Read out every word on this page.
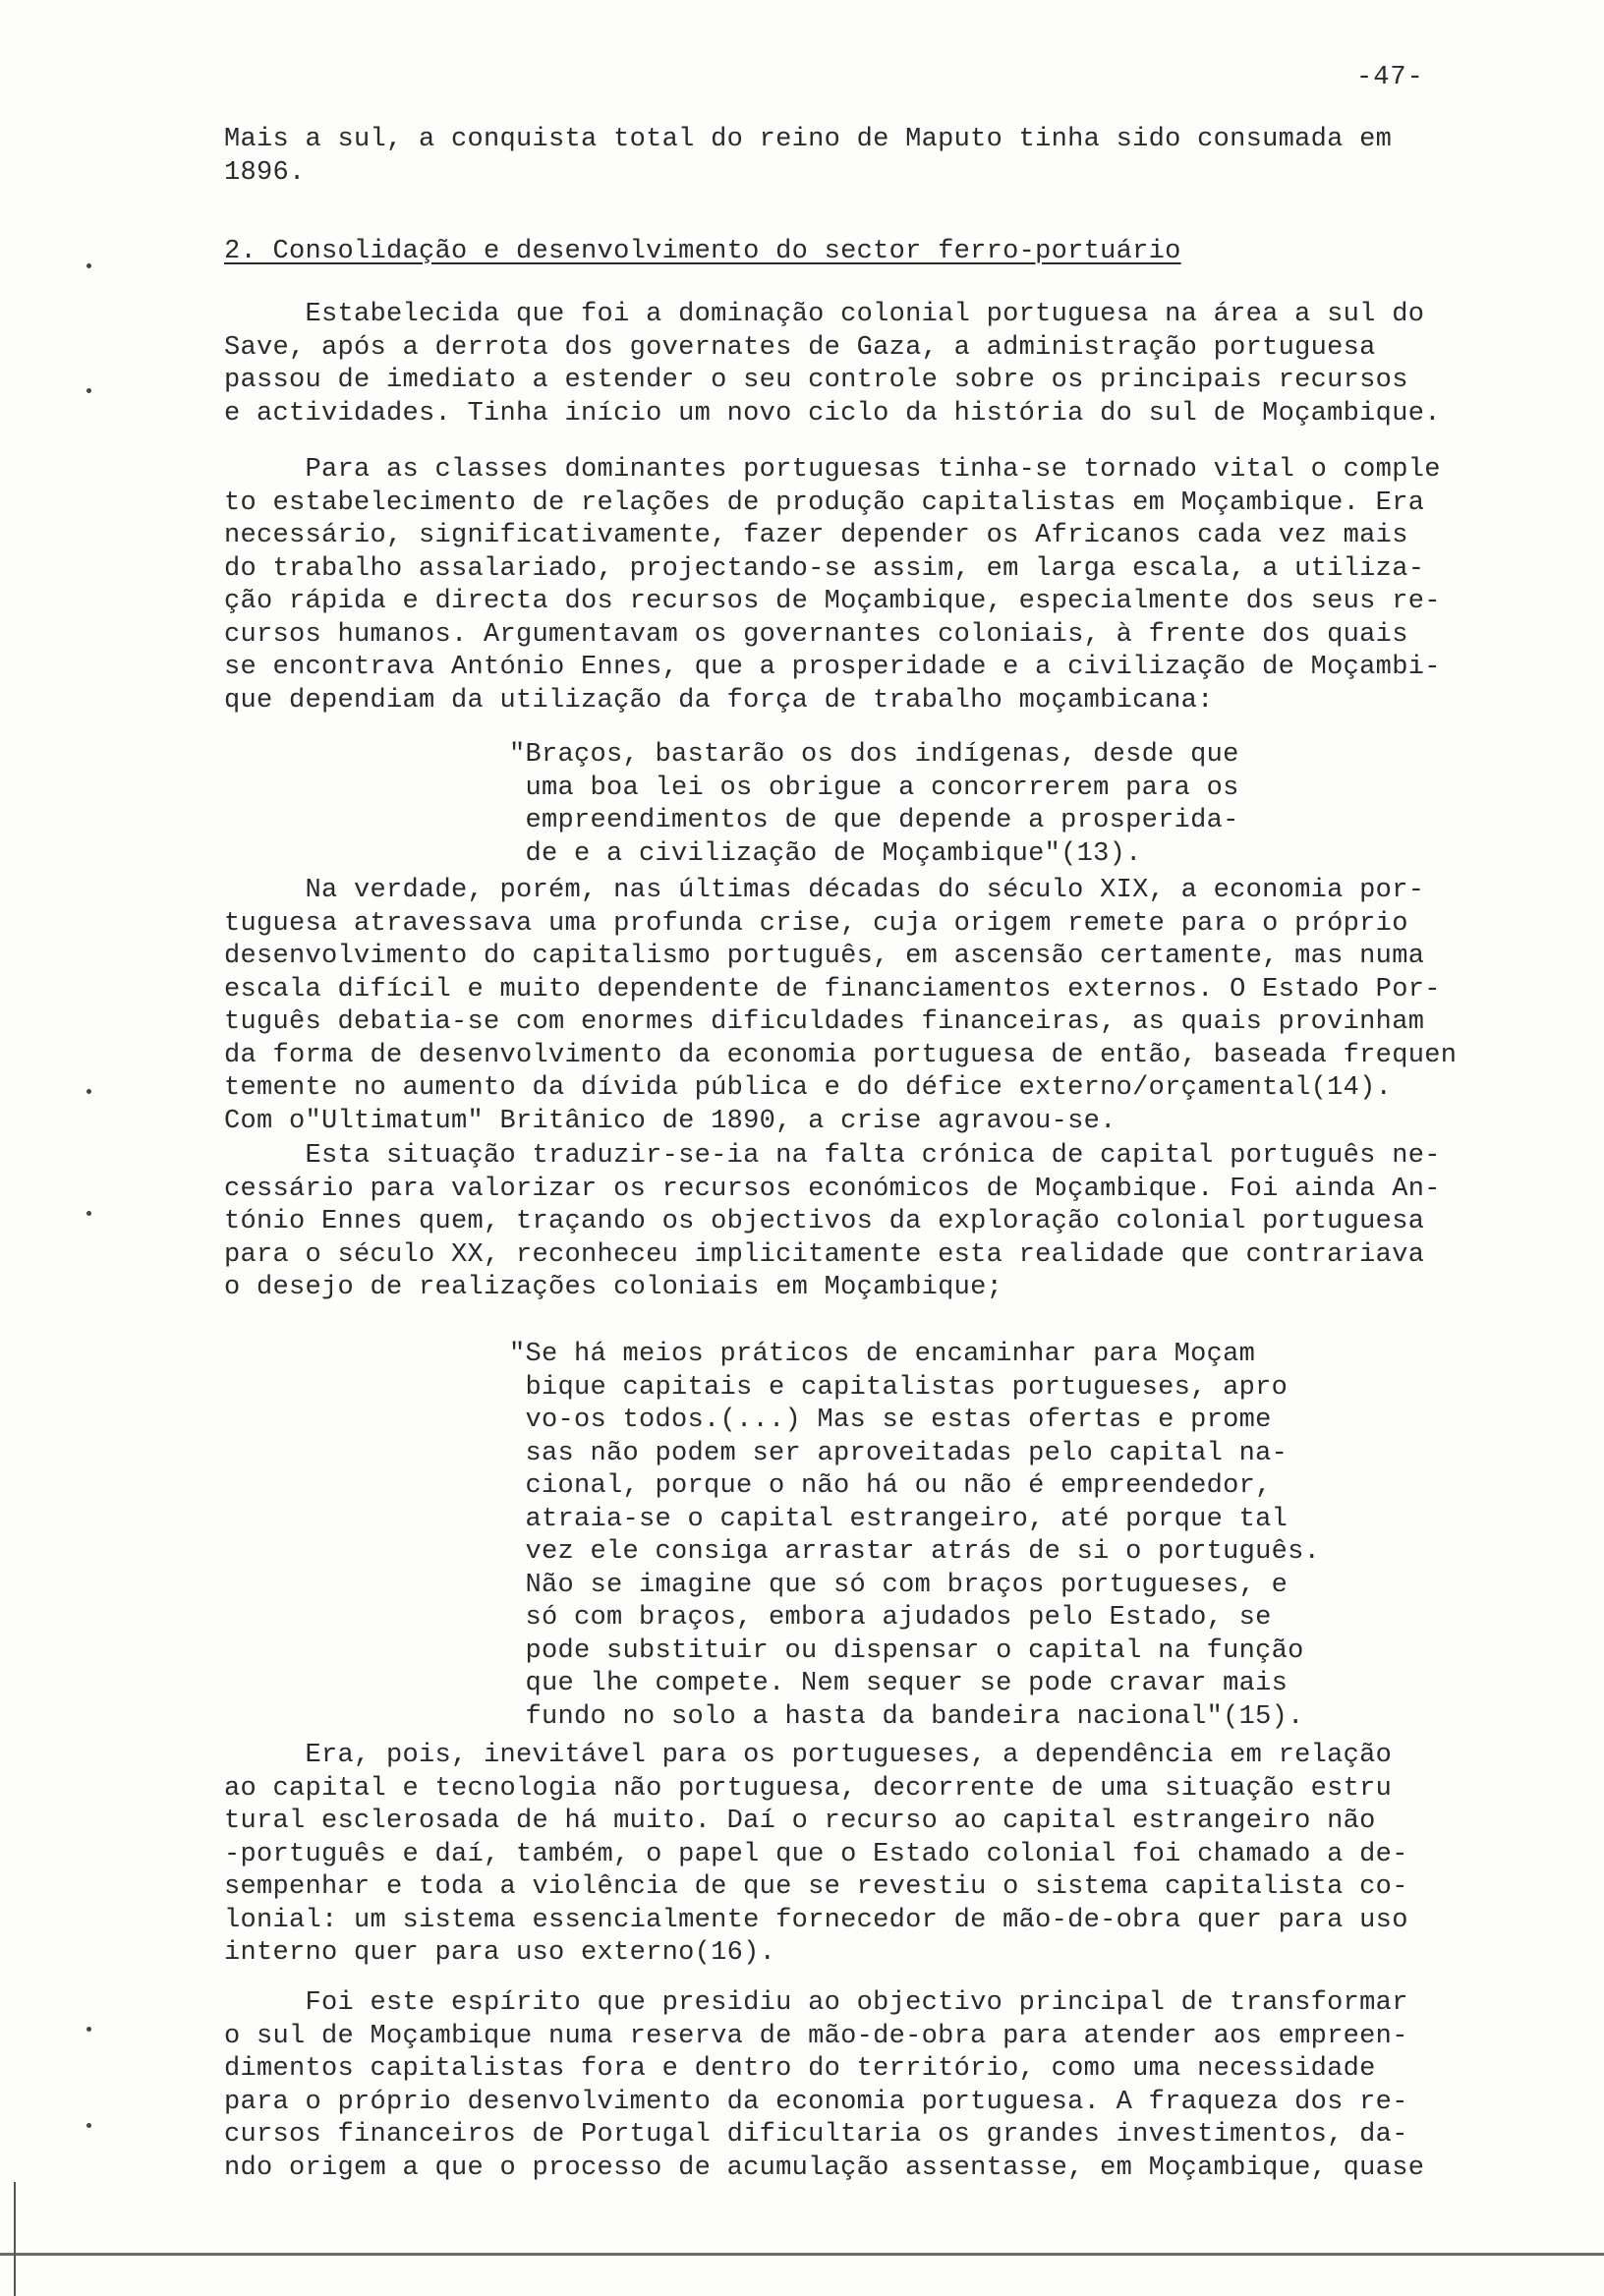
-47-

Mais a sul, a conquista total do reino de Maputo tinha sido consumada em
1896.

2. Consolidação e desenvolvimento do sector ferro-portuário

Estabelecida que foi a dominação colonial portuguesa na área a sul do
Save, após a derrota dos governates de Gaza, a administração portuguesa
passou de imediato a estender o seu controle sobre os principais recursos
e actividades. Tinha início um novo ciclo da história do sul de Moçambique.

Para as classes dominantes portuguesas tinha-se tornado vital o comple
to estabelecimento de relações de produção capitalistas em Moçambique. Era
necessário, significativamente, fazer depender os Africanos cada vez mais
do trabalho assalariado, projectando-se assim, em larga escala, a utiliza-
ção rápida e directa dos recursos de Moçambique, especialmente dos seus re-
cursos humanos. Argumentavam os governantes coloniais, à frente dos quais
se encontrava António Ennes, que a prosperidade e a civilização de Moçambi-
que dependiam da utilização da força de trabalho moçambicana:

"Braços, bastarão os dos indígenas, desde que
uma boa lei os obrigue a concorrerem para os
empreendimentos de que depende a prosperida-
de e a civilização de Moçambique"(13).

Na verdade, porém, nas últimas décadas do século XIX, a economia por-
tuguesa atravessava uma profunda crise, cuja origem remete para o próprio
desenvolvimento do capitalismo português, em ascensão certamente, mas numa
escala difícil e muito dependente de financiamentos externos. O Estado Por-
tuguês debatia-se com enormes dificuldades financeiras, as quais provinham
da forma de desenvolvimento da economia portuguesa de então, baseada frequen
temente no aumento da dívida pública e do défice externo/orçamental(14).
Com o"Ultimatum" Britânico de 1890, a crise agravou-se.

Esta situação traduzir-se-ia na falta crónica de capital português ne-
cessário para valorizar os recursos económicos de Moçambique. Foi ainda An-
tónio Ennes quem, traçando os objectivos da exploração colonial portuguesa
para o século XX, reconheceu implicitamente esta realidade que contrariava
o desejo de realizações coloniais em Moçambique;

"Se há meios práticos de encaminhar para Moçam
bique capitais e capitalistas portugueses, apro
vo-os todos.(...) Mas se estas ofertas e prome
sas não podem ser aproveitadas pelo capital na-
cional, porque o não há ou não é empreendedor,
atraia-se o capital estrangeiro, até porque tal
vez ele consiga arrastar atrás de si o português.
Não se imagine que só com braços portugueses, e
só com braços, embora ajudados pelo Estado, se
pode substituir ou dispensar o capital na função
que lhe compete. Nem sequer se pode cravar mais
fundo no solo a hasta da bandeira nacional"(15).

Era, pois, inevitável para os portugueses, a dependência em relação
ao capital e tecnologia não portuguesa, decorrente de uma situação estru
tural esclerosada de há muito. Daí o recurso ao capital estrangeiro não
-português e daí, também, o papel que o Estado colonial foi chamado a de-
sempenhar e toda a violência de que se revestiu o sistema capitalista co-
lonial: um sistema essencialmente fornecedor de mão-de-obra quer para uso
interno quer para uso externo(16).

Foi este espírito que presidiu ao objectivo principal de transformar
o sul de Moçambique numa reserva de mão-de-obra para atender aos empreen-
dimentos capitalistas fora e dentro do território, como uma necessidade
para o próprio desenvolvimento da economia portuguesa. A fraqueza dos re-
cursos financeiros de Portugal dificultaria os grandes investimentos, da-
ndo origem a que o processo de acumulação assentasse, em Moçambique, quase
